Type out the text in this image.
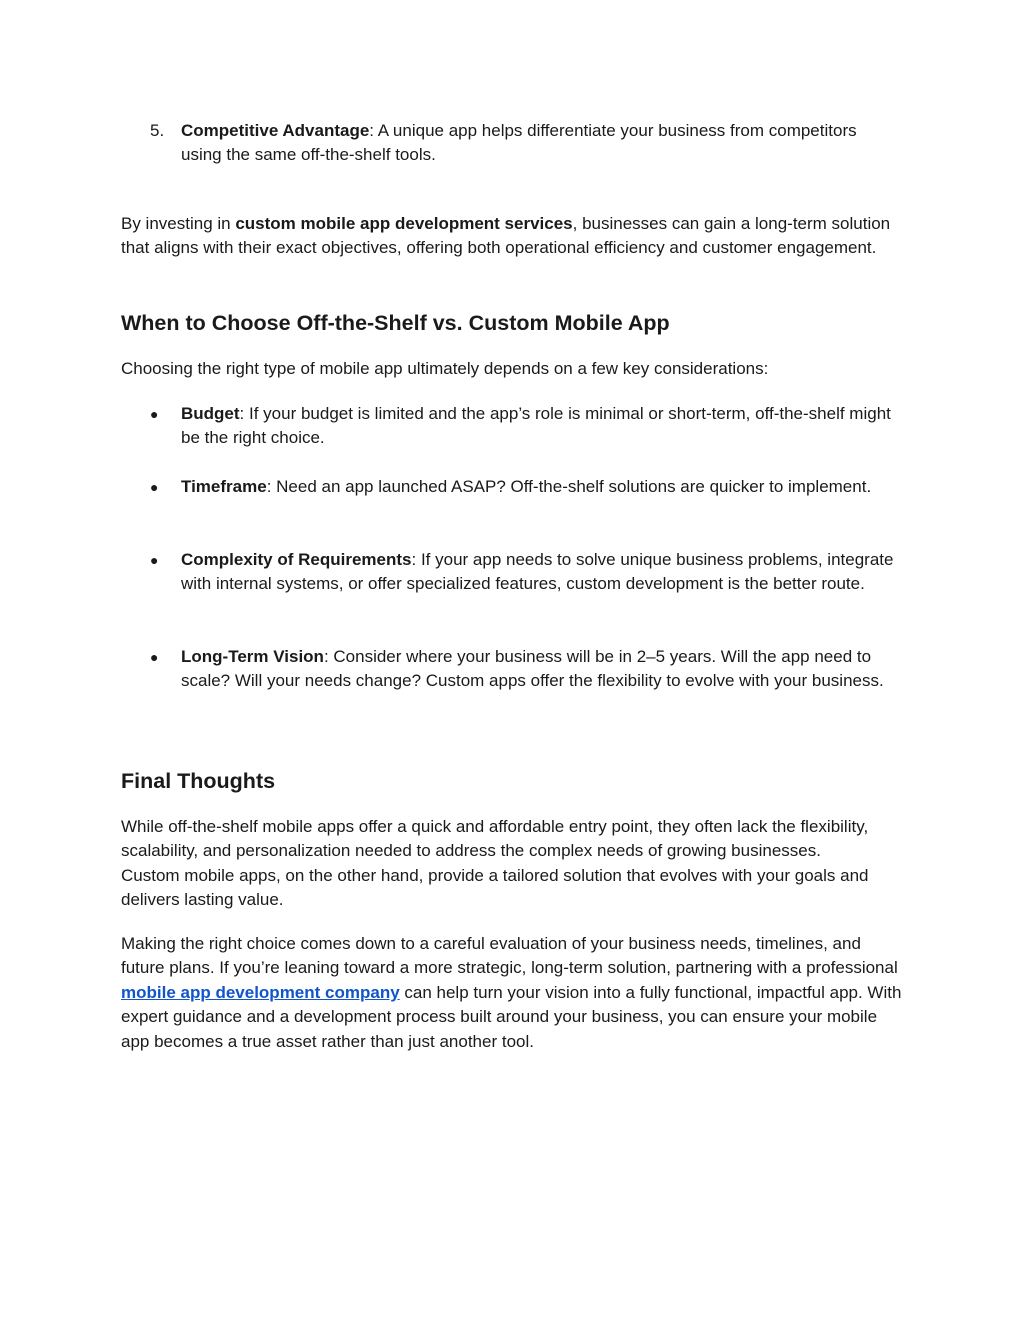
5. Competitive Advantage: A unique app helps differentiate your business from competitors using the same off-the-shelf tools.

By investing in custom mobile app development services, businesses can gain a long-term solution that aligns with their exact objectives, offering both operational efficiency and customer engagement.

When to Choose Off-the-Shelf vs. Custom Mobile App

Choosing the right type of mobile app ultimately depends on a few key considerations:

● Budget: If your budget is limited and the app’s role is minimal or short-term, off-the-shelf might be the right choice.

● Timeframe: Need an app launched ASAP? Off-the-shelf solutions are quicker to implement.

● Complexity of Requirements: If your app needs to solve unique business problems, integrate with internal systems, or offer specialized features, custom development is the better route.

● Long-Term Vision: Consider where your business will be in 2–5 years. Will the app need to scale? Will your needs change? Custom apps offer the flexibility to evolve with your business.

Final Thoughts

While off-the-shelf mobile apps offer a quick and affordable entry point, they often lack the flexibility, scalability, and personalization needed to address the complex needs of growing businesses. Custom mobile apps, on the other hand, provide a tailored solution that evolves with your goals and delivers lasting value.

Making the right choice comes down to a careful evaluation of your business needs, timelines, and future plans. If you’re leaning toward a more strategic, long-term solution, partnering with a professional mobile app development company can help turn your vision into a fully functional, impactful app. With expert guidance and a development process built around your business, you can ensure your mobile app becomes a true asset rather than just another tool.
